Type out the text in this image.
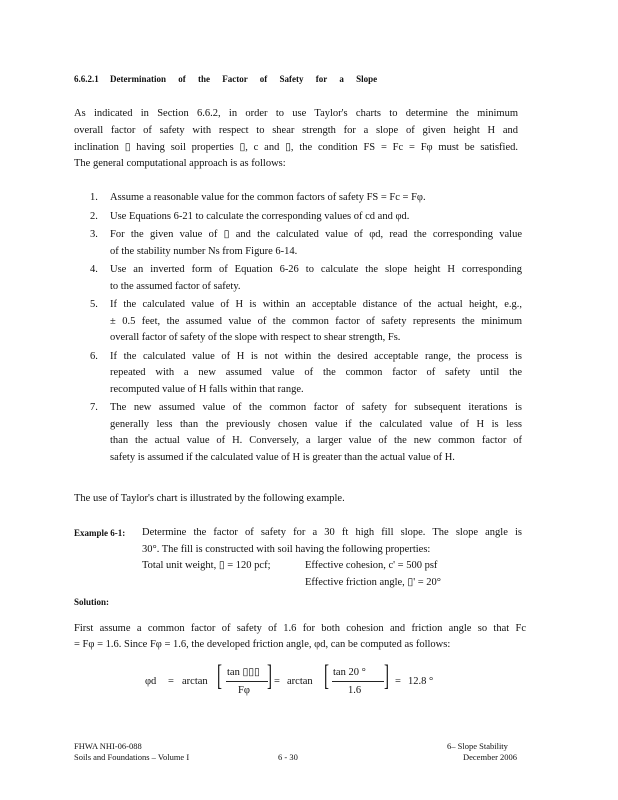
6.6.2.1 Determination of the Factor of Safety for a Slope
As indicated in Section 6.6.2, in order to use Taylor's charts to determine the minimum
overall factor of safety with respect to shear strength for a slope of given height H and
inclination ▯ having soil properties ▯, c and ▯, the condition FS = Fc = Fφ must be satisfied.
The general computational approach is as follows:
1. Assume a reasonable value for the common factors of safety FS = Fc = Fφ.
2. Use Equations 6-21 to calculate the corresponding values of cd and φd.
3. For the given value of ▯ and the calculated value of φd, read the corresponding value
of the stability number Ns from Figure 6-14.
4. Use an inverted form of Equation 6-26 to calculate the slope height H corresponding
to the assumed factor of safety.
5. If the calculated value of H is within an acceptable distance of the actual height, e.g.,
± 0.5 feet, the assumed value of the common factor of safety represents the minimum
overall factor of safety of the slope with respect to shear strength, Fs.
6. If the calculated value of H is not within the desired acceptable range, the process is
repeated with a new assumed value of the common factor of safety until the
recomputed value of H falls within that range.
7. The new assumed value of the common factor of safety for subsequent iterations is
generally less than the previously chosen value if the calculated value of H is less
than the actual value of H. Conversely, a larger value of the new common factor of
safety is assumed if the calculated value of H is greater than the actual value of H.
The use of Taylor's chart is illustrated by the following example.
Example 6-1: Determine the factor of safety for a 30 ft high fill slope. The slope angle is
30°. The fill is constructed with soil having the following properties:
Total unit weight, ▯ = 120 pcf;	Effective cohesion, c' = 500 psf
Effective friction angle, ▯' = 20°
Solution:
First assume a common factor of safety of 1.6 for both cohesion and friction angle so that Fc
= Fφ = 1.6. Since Fφ = 1.6, the developed friction angle, φd, can be computed as follows:
φd = arctan [ tan ▯▯▯
Fφ ] = arctan [ tan 20 °
1.6 ] = 12.8 °
FHWA NHI-06-088
Soils and Foundations – Volume I	6 - 30
6– Slope Stability
December 2006
